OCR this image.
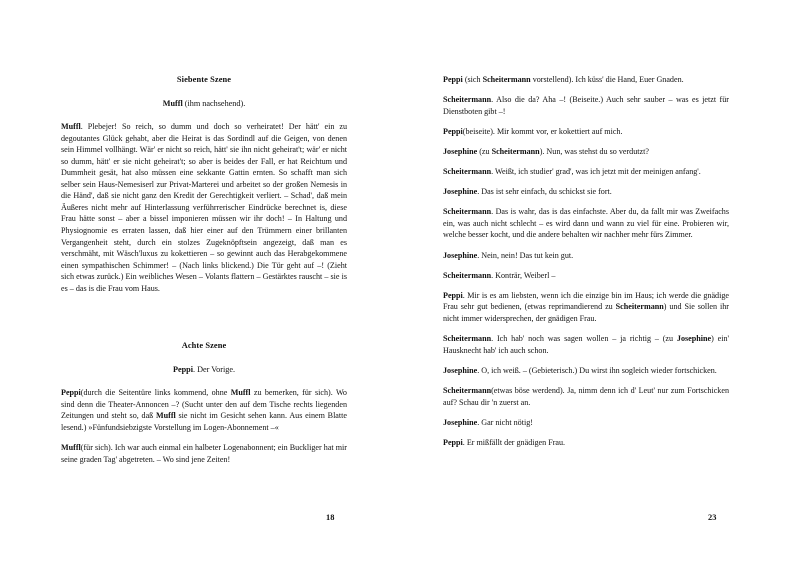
Siebente Szene
Muffl (ihm nachsehend).

Muffl. Plebejer! So reich, so dumm und doch so verheiratet! Der hätt' ein zu degoutantes Glück gehabt, aber die Heirat is das Sordindl auf die Geigen, von denen sein Himmel vollhängt. Wär' er nicht so reich, hätt' sie ihn nicht geheirat't; wär' er nicht so dumm, hätt' er sie nicht geheirat't; so aber is beides der Fall, er hat Reichtum und Dummheit gesät, hat also müssen eine sekkante Gattin ernten. So schafft man sich selber sein Haus-Nemesiserl zur Privat-Marterei und arbeitet so der großen Nemesis in die Händ', daß sie nicht ganz den Kredit der Gerechtigkeit verliert. – Schad', daß mein Äußeres nicht mehr auf Hinterlassung verführrerischer Eindrücke berechnet is, diese Frau hätte sonst – aber a bissel imponieren müssen wir ihr doch! – In Haltung und Physiognomie es erraten lassen, daß hier einer auf den Trümmern einer brillanten Vergangenheit steht, durch ein stolzes Zugeknöpftsein angezeigt, daß man es verschmäht, mit Wäsch'luxus zu kokettieren – so gewinnt auch das Herabgekommene einen sympathischen Schimmer! – (Nach links blickend.) Die Tür geht auf –! (Zieht sich etwas zurück.) Ein weibliches Wesen – Volants flattern – Gestärktes rauscht – sie is es – das is die Frau vom Haus.

Achte Szene
Peppi. Der Vorige.

Peppi(durch die Seitentüre links kommend, ohne Muffl zu bemerken, für sich). Wo sind denn die Theater-Annoncen –? (Sucht unter den auf dem Tische rechts liegenden Zeitungen und steht so, daß Muffl sie nicht im Gesicht sehen kann. Aus einem Blatte lesend.) »Fünfundsiebzigste Vorstellung im Logen-Abonnement –«

Muffl(für sich). Ich war auch einmal ein halbeter Logenabonnent; ein Buckliger hat mir seine graden Tag' abgetreten. – Wo sind jene Zeiten!

Peppi (sich Scheitermann vorstellend). Ich küss' die Hand, Euer Gnaden.

Scheitermann. Also die da? Aha –! (Beiseite.) Auch sehr sauber – was es jetzt für Dienstboten gibt –!

Peppi(beiseite). Mir kommt vor, er kokettiert auf mich.

Josephine (zu Scheitermann). Nun, was stehst du so verdutzt?

Scheitermann. Weißt, ich studier' grad', was ich jetzt mit der meinigen anfang'.

Josephine. Das ist sehr einfach, du schickst sie fort.

Scheitermann. Das is wahr, das is das einfachste. Aber du, da fallt mir was Zweifachs ein, was auch nicht schlecht – es wird dann und wann zu viel für eine. Probieren wir, welche besser kocht, und die andere behalten wir nachher mehr fürs Zimmer.

Josephine. Nein, nein! Das tut kein gut.

Scheitermann. Konträr, Weiberl –

Peppi. Mir is es am liebsten, wenn ich die einzige bin im Haus; ich werde die gnädige Frau sehr gut bedienen, (etwas reprimandierend zu Scheitermann) und Sie sollen ihr nicht immer widersprechen, der gnädigen Frau.

Scheitermann. Ich hab' noch was sagen wollen – ja richtig – (zu Josephine) ein' Hausknecht hab' ich auch schon.

Josephine. O, ich weiß. – (Gebieterisch.) Du wirst ihn sogleich wieder fortschicken.

Scheitermann(etwas böse werdend). Ja, nimm denn ich d' Leut' nur zum Fortschicken auf? Schau dir 'n zuerst an.

Josephine. Gar nicht nötig!

Peppi. Er mißfällt der gnädigen Frau.

18	23
